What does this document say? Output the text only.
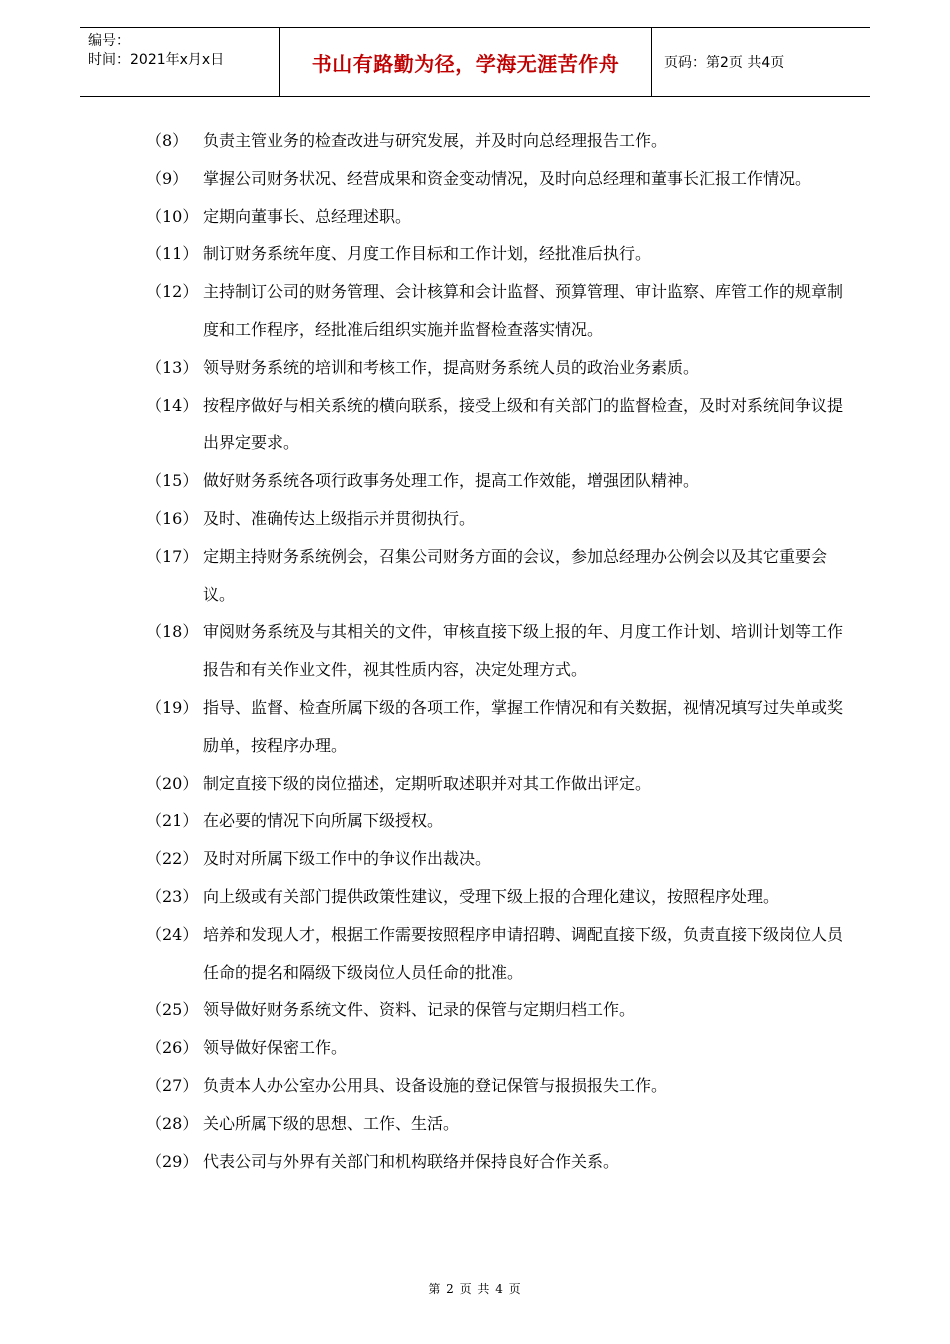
编号：
时间：2021年x月x日	书山有路勤为径，学海无涯苦作舟	页码：第2页 共4页
（8） 负责主管业务的检查改进与研究发展，并及时向总经理报告工作。
（9） 掌握公司财务状况、经营成果和资金变动情况，及时向总经理和董事长汇报工作情况。
（10） 定期向董事长、总经理述职。
（11） 制订财务系统年度、月度工作目标和工作计划，经批准后执行。
（12） 主持制订公司的财务管理、会计核算和会计监督、预算管理、审计监察、库管工作的规章制度和工作程序，经批准后组织实施并监督检查落实情况。
（13） 领导财务系统的培训和考核工作，提高财务系统人员的政治业务素质。
（14） 按程序做好与相关系统的横向联系，接受上级和有关部门的监督检查，及时对系统间争议提出界定要求。
（15） 做好财务系统各项行政事务处理工作，提高工作效能，增强团队精神。
（16） 及时、准确传达上级指示并贯彻执行。
（17） 定期主持财务系统例会，召集公司财务方面的会议，参加总经理办公例会以及其它重要会议。
（18） 审阅财务系统及与其相关的文件，审核直接下级上报的年、月度工作计划、培训计划等工作报告和有关作业文件，视其性质内容，决定处理方式。
（19） 指导、监督、检查所属下级的各项工作，掌握工作情况和有关数据，视情况填写过失单或奖励单，按程序办理。
（20） 制定直接下级的岗位描述，定期听取述职并对其工作做出评定。
（21） 在必要的情况下向所属下级授权。
（22） 及时对所属下级工作中的争议作出裁决。
（23） 向上级或有关部门提供政策性建议，受理下级上报的合理化建议，按照程序处理。
（24） 培养和发现人才，根据工作需要按照程序申请招聘、调配直接下级，负责直接下级岗位人员任命的提名和隔级下级岗位人员任命的批准。
（25） 领导做好财务系统文件、资料、记录的保管与定期归档工作。
（26） 领导做好保密工作。
（27） 负责本人办公室办公用具、设备设施的登记保管与报损报失工作。
（28） 关心所属下级的思想、工作、生活。
（29） 代表公司与外界有关部门和机构联络并保持良好合作关系。
第 2 页 共 4 页
